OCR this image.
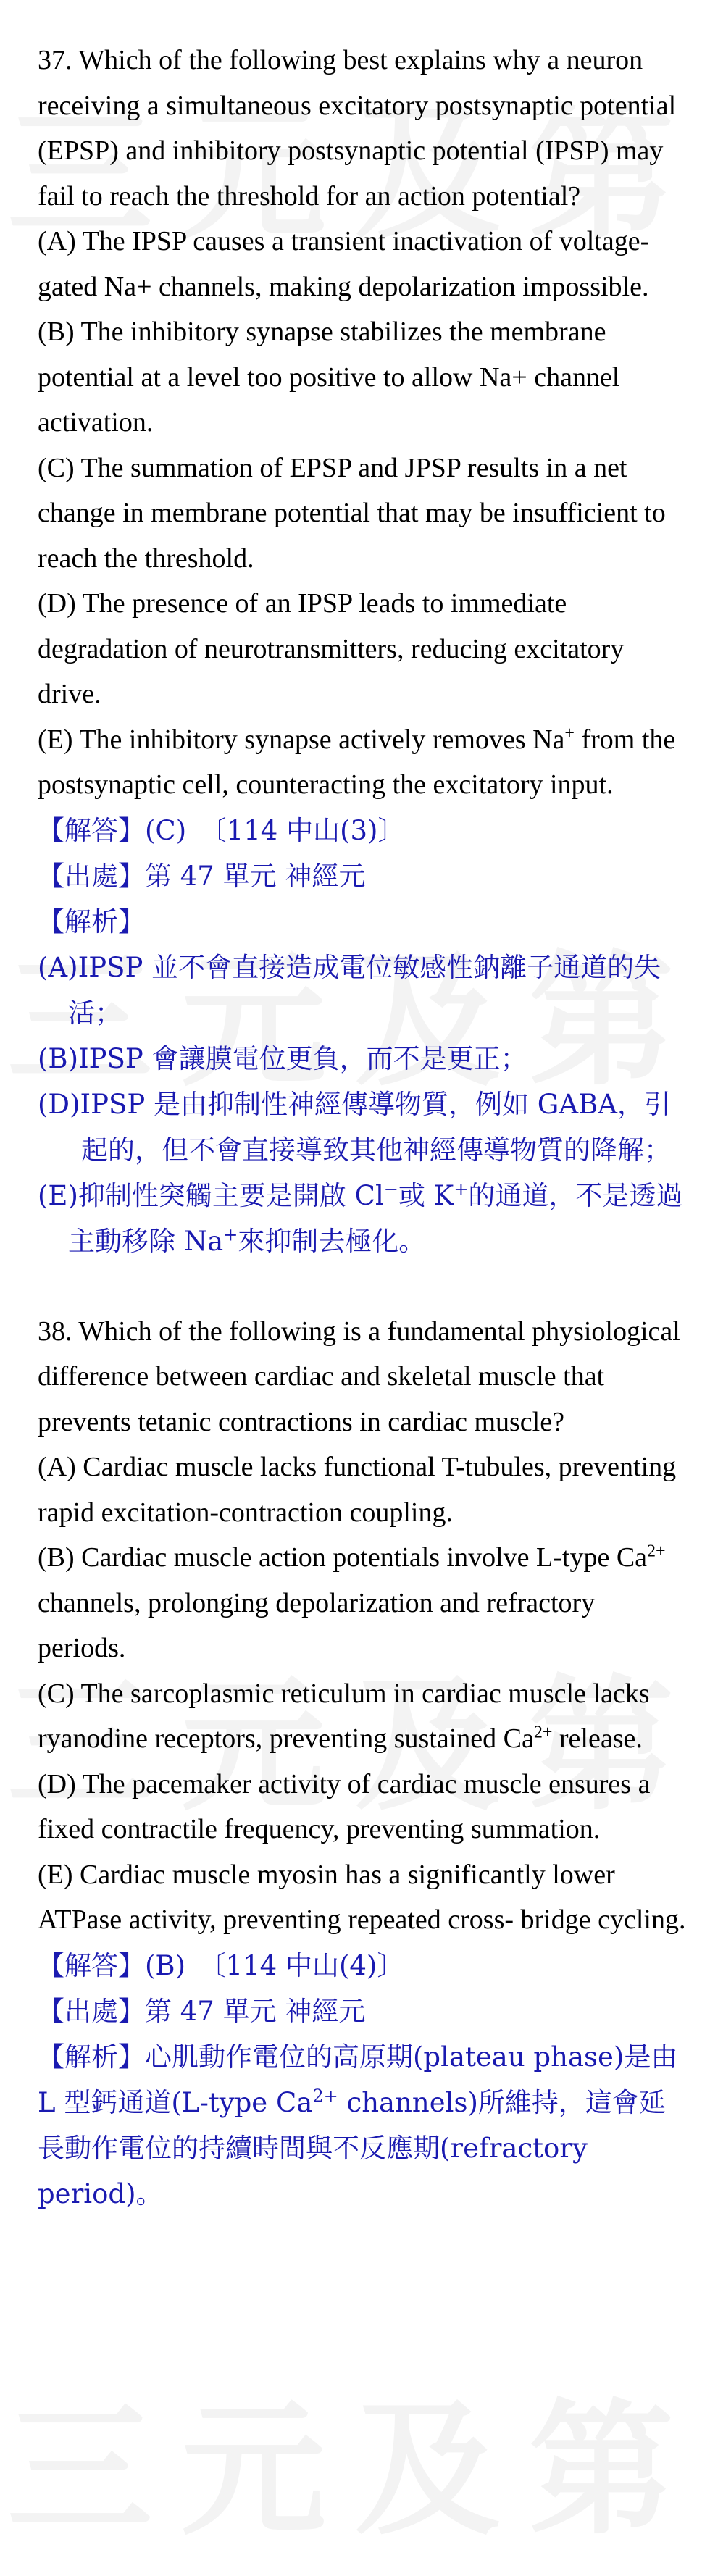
37. Which of the following best explains why a neuron receiving a simultaneous excitatory postsynaptic potential (EPSP) and inhibitory postsynaptic potential (IPSP) may fail to reach the threshold for an action potential?

(A) The IPSP causes a transient inactivation of voltage-gated Na+ channels, making depolarization impossible.

(B) The inhibitory synapse stabilizes the membrane potential at a level too positive to allow Na+ channel activation.

(C) The summation of EPSP and JPSP results in a net change in membrane potential that may be insufficient to reach the threshold.

(D) The presence of an IPSP leads to immediate degradation of neurotransmitters, reducing excitatory drive.

(E) The inhibitory synapse actively removes Na+ from the postsynaptic cell, counteracting the excitatory input.

【解答】(C)　〔114 中山(3)〕

【出處】第 47 單元 神經元

【解析】

(A)IPSP 並不會直接造成電位敏感性鈉離子通道的失活；

(B)IPSP 會讓膜電位更負，而不是更正；

(D)IPSP 是由抑制性神經傳導物質，例如 GABA，引起的，但不會直接導致其他神經傳導物質的降解；

(E)抑制性突觸主要是開啟 Cl−或 K+的通道，不是透過主動移除 Na+來抑制去極化。

38. Which of the following is a fundamental physiological difference between cardiac and skeletal muscle that prevents tetanic contractions in cardiac muscle?

(A) Cardiac muscle lacks functional T-tubules, preventing rapid excitation-contraction coupling.

(B) Cardiac muscle action potentials involve L-type $Ca^{2+}$ channels, prolonging depolarization and refractory periods.

(C) The sarcoplasmic reticulum in cardiac muscle lacks ryanodine receptors, preventing sustained $Ca^{2+}$ release.

(D) The pacemaker activity of cardiac muscle ensures a fixed contractile frequency, preventing summation.

(E) Cardiac muscle myosin has a significantly lower ATPase activity, preventing repeated cross- bridge cycling.

【解答】(B)　〔114 中山(4)〕

【出處】第 47 單元 神經元

【解析】心肌動作電位的高原期(plateau phase)是由 L 型鈣通道(L-type $Ca^{2+}$ channels)所維持，這會延長動作電位的持續時間與不反應期(refractory period)。
